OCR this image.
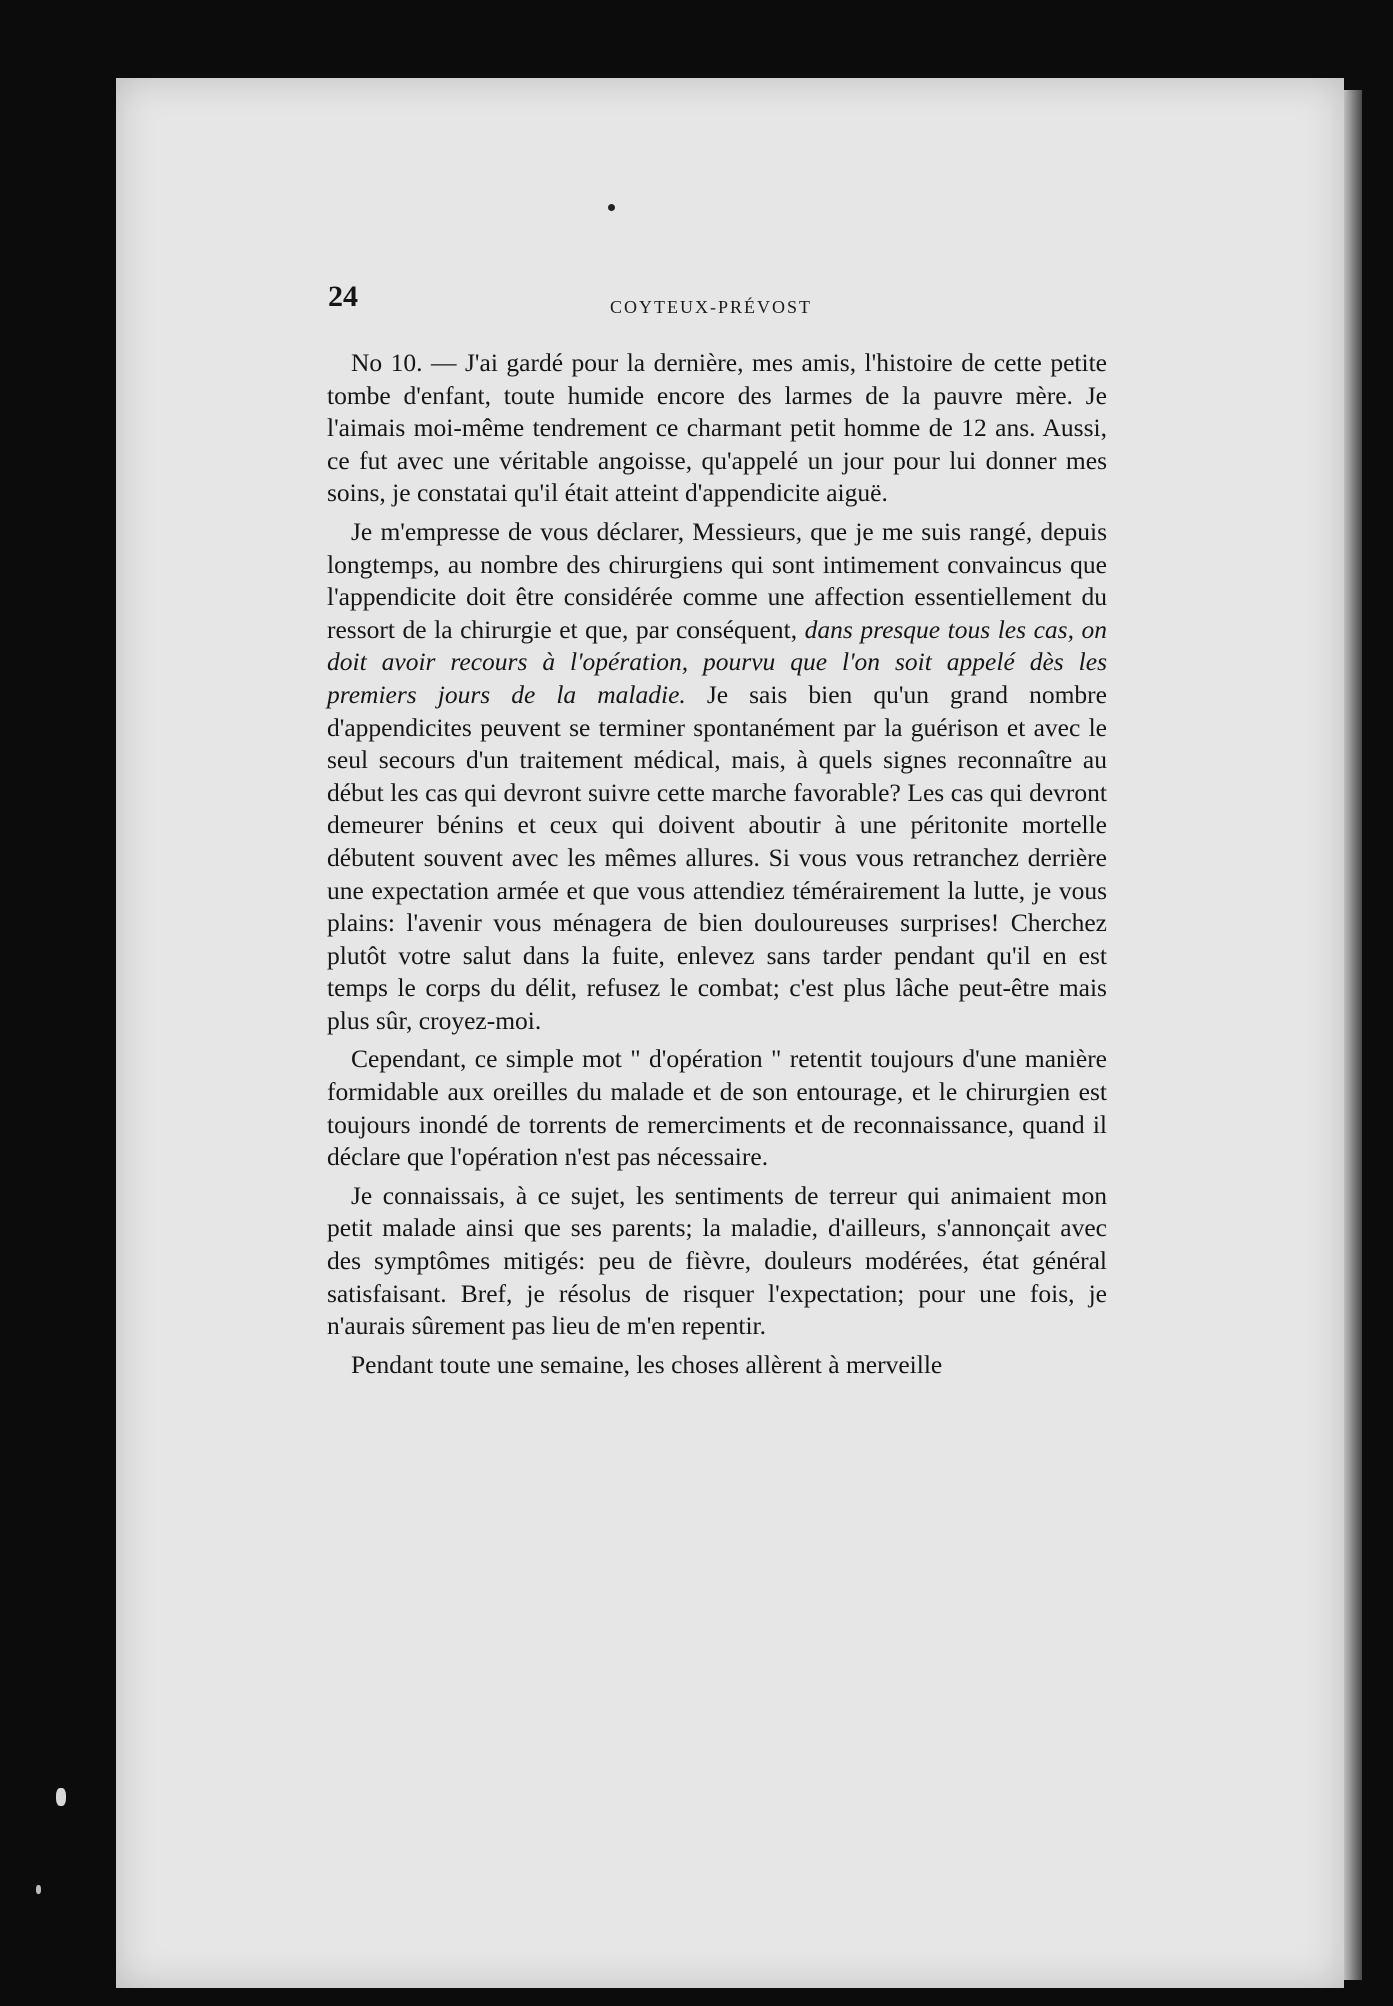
24	COYTEUX-PRÉVOST

No 10. — J'ai gardé pour la dernière, mes amis, l'histoire de cette petite tombe d'enfant, toute humide encore des larmes de la pauvre mère. Je l'aimais moi-même tendrement ce charmant petit homme de 12 ans. Aussi, ce fut avec une véritable angoisse, qu'appelé un jour pour lui donner mes soins, je constatai qu'il était atteint d'appendicite aiguë.

Je m'empresse de vous déclarer, Messieurs, que je me suis rangé, depuis longtemps, au nombre des chirurgiens qui sont intimement convaincus que l'appendicite doit être considérée comme une affection essentiellement du ressort de la chirurgie et que, par conséquent, dans presque tous les cas, on doit avoir recours à l'opération, pourvu que l'on soit appelé dès les premiers jours de la maladie. Je sais bien qu'un grand nombre d'appendicites peuvent se terminer spontanément par la guérison et avec le seul secours d'un traitement médical, mais, à quels signes reconnaître au début les cas qui devront suivre cette marche favorable? Les cas qui devront demeurer bénins et ceux qui doivent aboutir à une péritonite mortelle débutent souvent avec les mêmes allures. Si vous vous retranchez derrière une expectation armée et que vous attendiez témérairement la lutte, je vous plains: l'avenir vous ménagera de bien douloureuses surprises! Cherchez plutôt votre salut dans la fuite, enlevez sans tarder pendant qu'il en est temps le corps du délit, refusez le combat; c'est plus lâche peut-être mais plus sûr, croyez-moi.

Cependant, ce simple mot " d'opération " retentit toujours d'une manière formidable aux oreilles du malade et de son entourage, et le chirurgien est toujours inondé de torrents de remerciments et de reconnaissance, quand il déclare que l'opération n'est pas nécessaire.

Je connaissais, à ce sujet, les sentiments de terreur qui animaient mon petit malade ainsi que ses parents; la maladie, d'ailleurs, s'annonçait avec des symptômes mitigés: peu de fièvre, douleurs modérées, état général satisfaisant. Bref, je résolus de risquer l'expectation; pour une fois, je n'aurais sûrement pas lieu de m'en repentir.

Pendant toute une semaine, les choses allèrent à merveille
